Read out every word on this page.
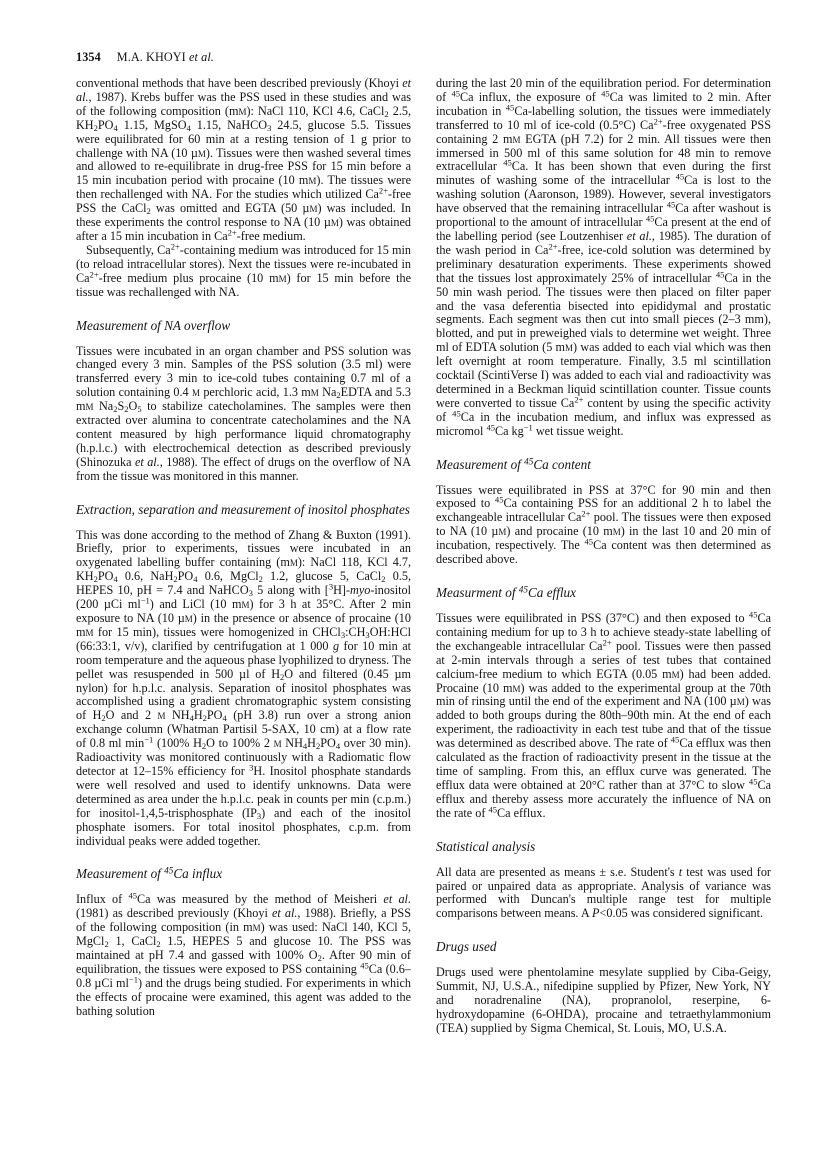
1354 M.A. KHOYI et al.

conventional methods that have been described previously (Khoyi et al., 1987). Krebs buffer was the PSS used in these studies and was of the following composition (mm): NaCl 110, KCl 4.6, CaCl$_2$ 2.5, $KH_2PO_4$ 1.15, MgSO$_4$ 1.15, NaHCO$_3$ 24.5, glucose 5.5. Tissues were equilibrated for 60 min at a resting tension of 1 g prior to challenge with NA (10 µm). Tissues were then washed several times and allowed to re-equilibrate in drug-free PSS for 15 min before a 15 min incubation period with procaine (10 mm). The tissues were then rechallenged with NA. For the studies which utilized $Ca^{2+}$-free PSS the CaCl$_2$ was omitted and EGTA (50 µm) was included. In these experiments the control response to NA (10 µm) was obtained after a 15 min incubation in $Ca^{2+}$-free medium.

Subsequently, $Ca^{2+}$-containing medium was introduced for 15 min (to reload intracellular stores). Next the tissues were re-incubated in $Ca^{2+}$-free medium plus procaine (10 mm) for 15 min before the tissue was rechallenged with NA.

Measurement of NA overflow

Tissues were incubated in an organ chamber and PSS solution was changed every 3 min. Samples of the PSS solution (3.5 ml) were transferred every 3 min to ice-cold tubes containing 0.7 ml of a solution containing 0.4 m perchloric acid, 1.3 mm $Na_2EDTA$ and 5.3 mm $Na_2S_2O_5$ to stabilize catecholamines. The samples were then extracted over alumina to concentrate catecholamines and the NA content measured by high performance liquid chromatography (h.p.l.c.) with electrochemical detection as described previously (Shinozuka et al., 1988). The effect of drugs on the overflow of NA from the tissue was monitored in this manner.

Extraction, separation and measurement of inositol phosphates

This was done according to the method of Zhang & Buxton (1991). Briefly, prior to experiments, tissues were incubated in an oxygenated labelling buffer containing (mm): NaCl 118, KCl 4.7, $KH_2PO_4$ 0.6, $NaH_2PO_4$ 0.6, MgCl$_2$ 1.2, glucose 5, CaCl$_2$ 0.5, HEPES 10, pH = 7.4 and NaHCO$_3$ 5 along with [$^3$H]-myo-inositol (200 µCi $ml^{-1}$) and LiCl (10 mm) for 3 h at 35°C. After 2 min exposure to NA (10 µm) in the presence or absence of procaine (10 mm for 15 min), tissues were homogenized in $CHCl_3:CH_3OH:HCl$ (66:33:1, v/v), clarified by centrifugation at 1 000 g for 10 min at room temperature and the aqueous phase lyophilized to dryness. The pellet was resuspended in 500 µl of $H_2O$ and filtered (0.45 µm nylon) for h.p.l.c. analysis. Separation of inositol phosphates was accomplished using a gradient chromatographic system consisting of $H_2O$ and 2 m $NH_4H_2PO_4$ (pH 3.8) run over a strong anion exchange column (Whatman Partisil 5-SAX, 10 cm) at a flow rate of 0.8 ml $\min^{-1} (100\%$ $H_2O$ to 100% 2 m $NH_4H_2PO_4$ over 30 min). Radioactivity was monitored continuously with a Radiomatic flow detector at 12–15% efficiency for $^3$H. Inositol phosphate standards were well resolved and used to identify unknowns. Data were determined as area under the h.p.l.c. peak in counts per min (c.p.m.) for inositol-1,4,5-trisphosphate $(IP_3)$ and each of the inositol phosphate isomers. For total inositol phosphates, c.p.m. from individual peaks were added together.

Measurement of $^{45}$Ca influx

Influx of $^{45}$Ca was measured by the method of Meisheri et al. (1981) as described previously (Khoyi et al., 1988). Briefly, a PSS of the following composition (in mm) was used: NaCl 140, KCl 5, MgCl$_2$ 1, CaCl$_2$ 1.5, HEPES 5 and glucose 10. The PSS was maintained at pH 7.4 and gassed with 100% $O_2$. After 90 min of equilibration, the tissues were exposed to PSS containing $^{45}$Ca (0.6–0.8 µCi $ml^{-1}$) and the drugs being studied. For experiments in which the effects of procaine were examined, this agent was added to the bathing solution

during the last 20 min of the equilibration period. For determination of $^{45}$Ca influx, the exposure of $^{45}$Ca was limited to 2 min. After incubation in $^{45}$Ca-labelling solution, the tissues were immediately transferred to 10 ml of ice-cold (0.5°C) $Ca^{2+}$-free oxygenated PSS containing 2 mm EGTA (pH 7.2) for 2 min. All tissues were then immersed in 500 ml of this same solution for 48 min to remove extracellular $^{45}$Ca. It has been shown that even during the first minutes of washing some of the intracellular $^{45}$Ca is lost to the washing solution (Aaronson, 1989). However, several investigators have observed that the remaining intracellular $^{45}$Ca after washout is proportional to the amount of intracellular $^{45}$Ca present at the end of the labelling period (see Loutzenhiser et al., 1985). The duration of the wash period in $Ca^{2+}$-free, ice-cold solution was determined by preliminary desaturation experiments. These experiments showed that the tissues lost approximately 25% of intracellular $^{45}$Ca in the 50 min wash period. The tissues were then placed on filter paper and the vasa deferentia bisected into epididymal and prostatic segments. Each segment was then cut into small pieces (2–3 mm), blotted, and put in preweighed vials to determine wet weight. Three ml of EDTA solution (5 mm) was added to each vial which was then left overnight at room temperature. Finally, 3.5 ml scintillation cocktail (ScintiVerse I) was added to each vial and radioactivity was determined in a Beckman liquid scintillation counter. Tissue counts were converted to tissue $Ca^{2+}$ content by using the specific activity of $^{45}$Ca in the incubation medium, and influx was expressed as micromol $^{45}$Ca $kg^{-1}$ wet tissue weight.

Measurement of $^{45}$Ca content

Tissues were equilibrated in PSS at 37°C for 90 min and then exposed to $^{45}$Ca containing PSS for an additional 2 h to label the exchangeable intracellular $Ca^{2+}$ pool. The tissues were then exposed to NA (10 µm) and procaine (10 mm) in the last 10 and 20 min of incubation, respectively. The $^{45}$Ca content was then determined as described above.

Measurment of $^{45}$Ca efflux

Tissues were equilibrated in PSS (37°C) and then exposed to $^{45}$Ca containing medium for up to 3 h to achieve steady-state labelling of the exchangeable intracellular $Ca^{2+}$ pool. Tissues were then passed at 2-min intervals through a series of test tubes that contained calcium-free medium to which EGTA (0.05 mm) had been added. Procaine (10 mm) was added to the experimental group at the 70th min of rinsing until the end of the experiment and NA (100 µm) was added to both groups during the 80th–90th min. At the end of each experiment, the radioactivity in each test tube and that of the tissue was determined as described above. The rate of $^{45}$Ca efflux was then calculated as the fraction of radioactivity present in the tissue at the time of sampling. From this, an efflux curve was generated. The efflux data were obtained at 20°C rather than at 37°C to slow $^{45}$Ca efflux and thereby assess more accurately the influence of NA on the rate of $^{45}$Ca efflux.

Statistical analysis

All data are presented as means ± s.e. Student's t test was used for paired or unpaired data as appropriate. Analysis of variance was performed with Duncan's multiple range test for multiple comparisons between means. A P<0.05 was considered significant.

Drugs used

Drugs used were phentolamine mesylate supplied by Ciba-Geigy, Summit, NJ, U.S.A., nifedipine supplied by Pfizer, New York, NY and noradrenaline (NA), propranolol, reserpine, 6-hydroxydopamine (6-OHDA), procaine and tetraethylammonium (TEA) supplied by Sigma Chemical, St. Louis, MO, U.S.A.
